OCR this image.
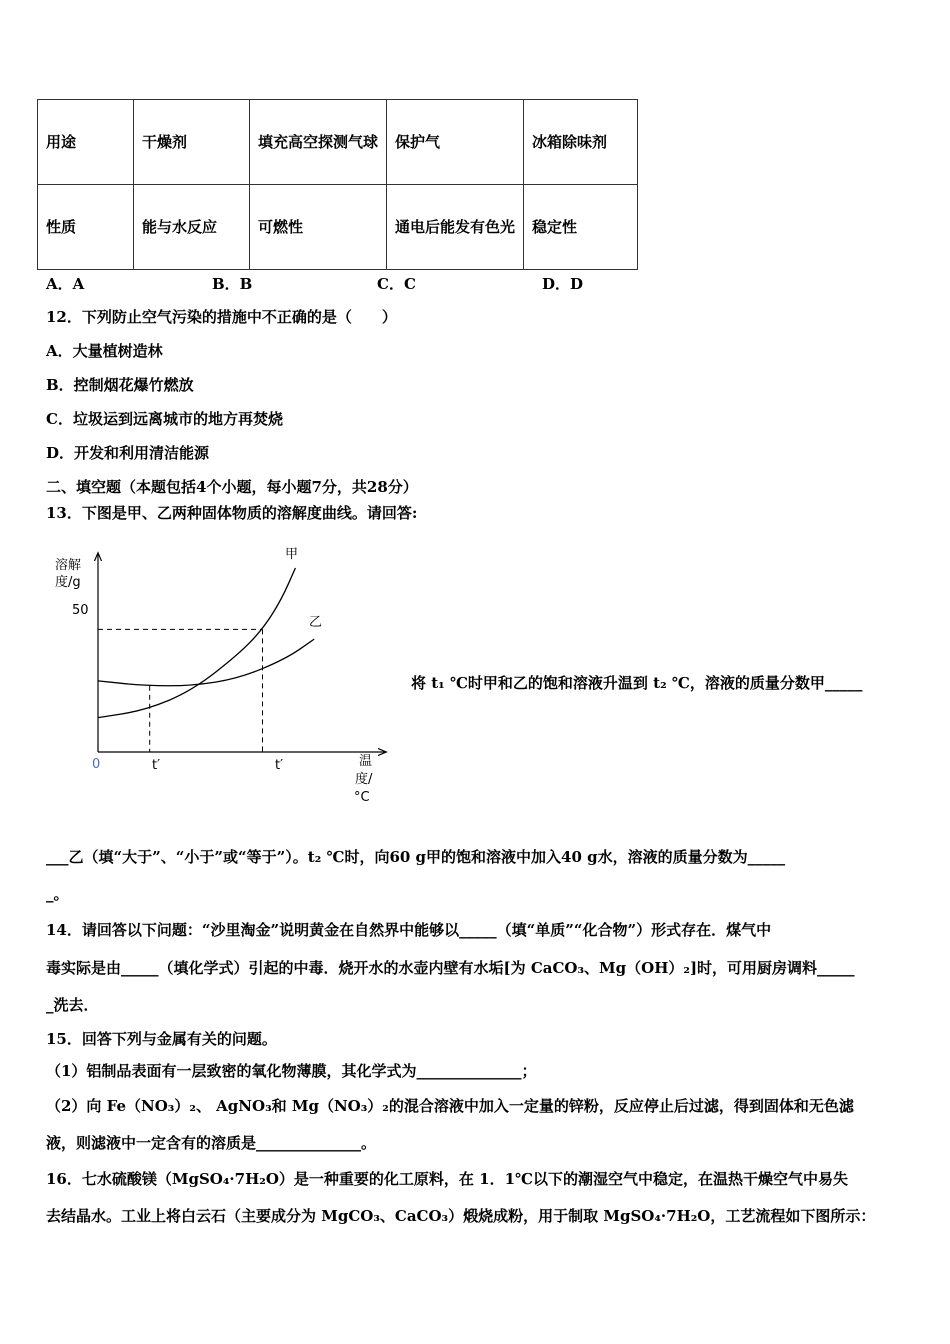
用途	干燥剂	填充高空探测气球	保护气	冰箱除味剂
性质	能与水反应	可燃性	通电后能发有色光	稳定性
A．A	B．B	C．C	D．D
12．下列防止空气污染的措施中不正确的是（　　）
A．大量植树造林
B．控制烟花爆竹燃放
C．垃圾运到远离城市的地方再焚烧
D．开发和利用清洁能源
二、填空题（本题包括4个小题，每小题7分，共28分）
13．下图是甲、乙两种固体物质的溶解度曲线。请回答:
溶解
度/g
温
度/
°C
0
50
t′	t′
甲
乙
将 t₁ ℃时甲和乙的饱和溶液升温到 t₂ ℃，溶液的质量分数甲_____
___乙（填“大于”、“小于”或“等于”）。t₂ ℃时，向60 g甲的饱和溶液中加入40 g水，溶液的质量分数为_____
_。
14．请回答以下问题：“沙里淘金”说明黄金在自然界中能够以_____（填“单质”“化合物”）形式存在．煤气中
毒实际是由_____（填化学式）引起的中毒．烧开水的水壶内壁有水垢[为 CaCO₃、Mg（OH）₂]时，可用厨房调料_____
_洗去．
15．回答下列与金属有关的问题。
（1）铝制品表面有一层致密的氧化物薄膜，其化学式为______________；
（2）向 Fe（NO₃）₂、 AgNO₃和 Mg（NO₃）₂的混合溶液中加入一定量的锌粉，反应停止后过滤，得到固体和无色滤
液，则滤液中一定含有的溶质是______________。
16．七水硫酸镁（MgSO₄·7H₂O）是一种重要的化工原料，在 1．1℃以下的潮湿空气中稳定，在温热干燥空气中易失
去结晶水。工业上将白云石（主要成分为 MgCO₃、CaCO₃）煅烧成粉，用于制取 MgSO₄·7H₂O，工艺流程如下图所示：
